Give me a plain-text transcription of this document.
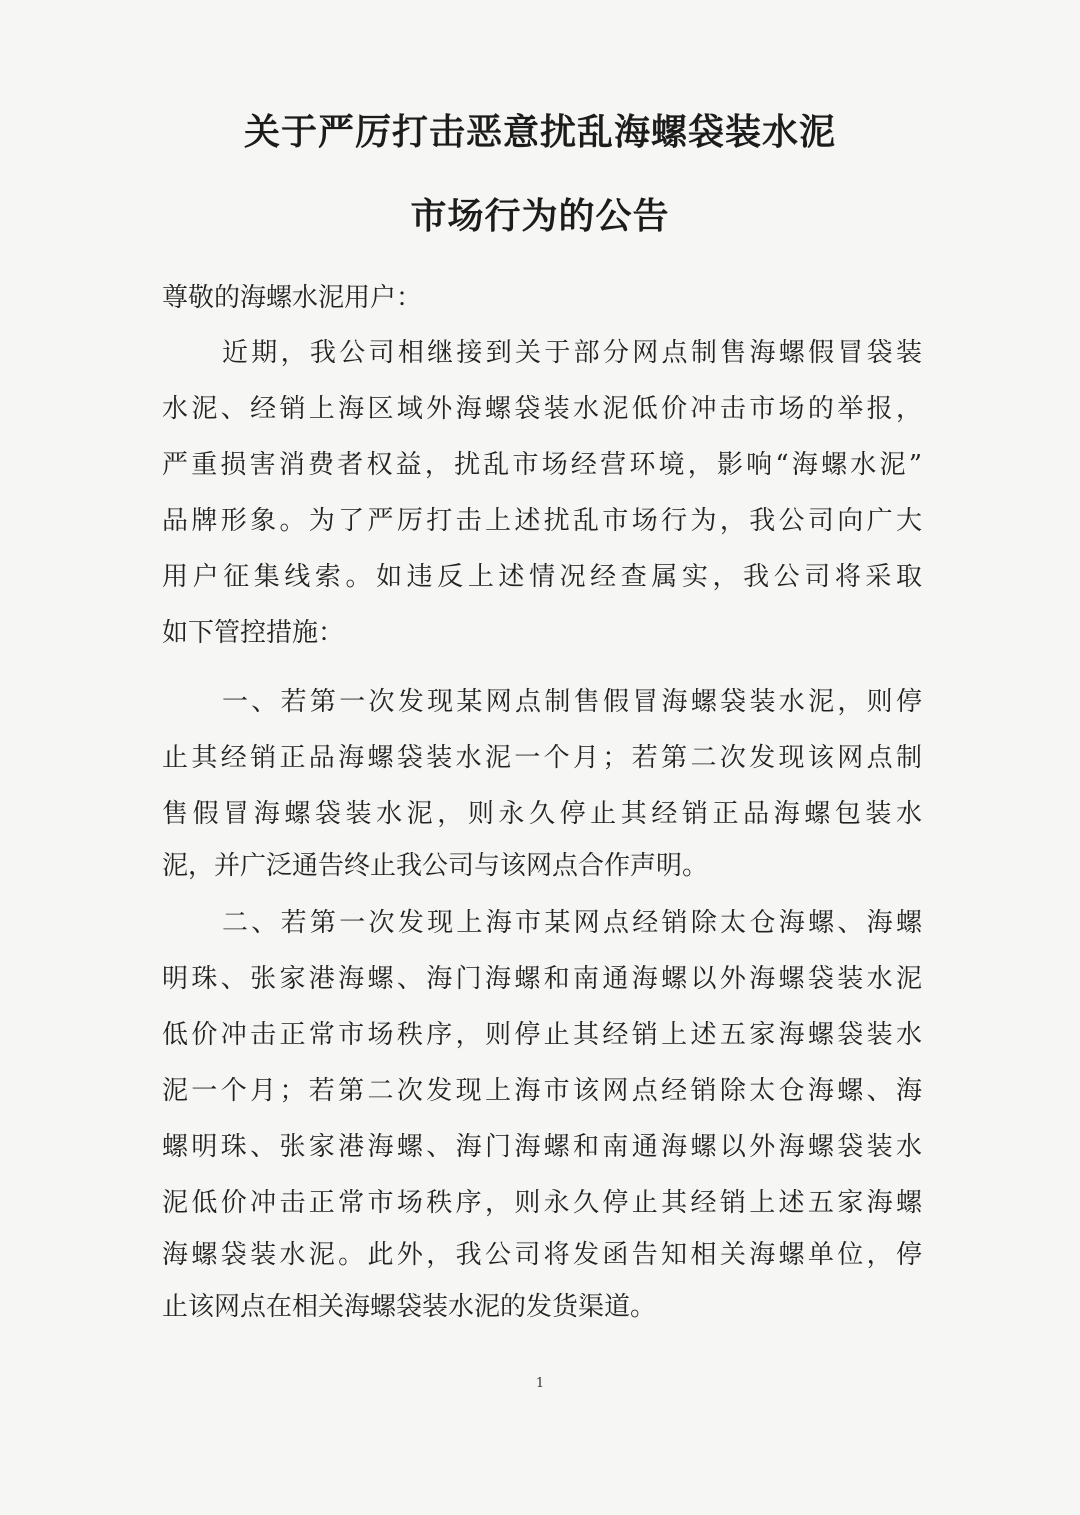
关于严厉打击恶意扰乱海螺袋装水泥
市场行为的公告
尊敬的海螺水泥用户：
近期，我公司相继接到关于部分网点制售海螺假冒袋装
水泥、经销上海区域外海螺袋装水泥低价冲击市场的举报，
严重损害消费者权益，扰乱市场经营环境，影响“海螺水泥”
品牌形象。为了严厉打击上述扰乱市场行为，我公司向广大
用户征集线索。如违反上述情况经查属实，我公司将采取
如下管控措施：
一、若第一次发现某网点制售假冒海螺袋装水泥，则停
止其经销正品海螺袋装水泥一个月；若第二次发现该网点制
售假冒海螺袋装水泥，则永久停止其经销正品海螺包装水
泥，并广泛通告终止我公司与该网点合作声明。
二、若第一次发现上海市某网点经销除太仓海螺、海螺
明珠、张家港海螺、海门海螺和南通海螺以外海螺袋装水泥
低价冲击正常市场秩序，则停止其经销上述五家海螺袋装水
泥一个月；若第二次发现上海市该网点经销除太仓海螺、海
螺明珠、张家港海螺、海门海螺和南通海螺以外海螺袋装水
泥低价冲击正常市场秩序，则永久停止其经销上述五家海螺
海螺袋装水泥。此外，我公司将发函告知相关海螺单位，停
止该网点在相关海螺袋装水泥的发货渠道。
1
